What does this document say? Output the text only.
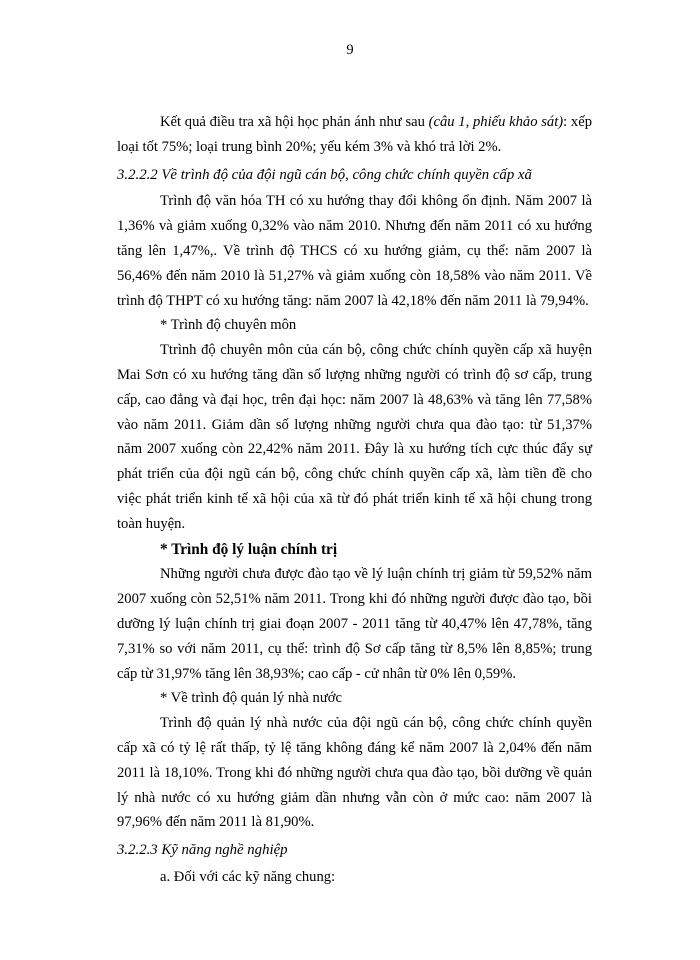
9

Kết quả điều tra xã hội học phản ánh như sau (câu 1, phiếu khảo sát): xếp loại tốt 75%; loại trung bình 20%; yếu kém 3% và khó trả lời 2%.

3.2.2.2 Về trình độ của đội ngũ cán bộ, công chức chính quyền cấp xã

Trình độ văn hóa TH có xu hướng thay đổi không ổn định. Năm 2007 là 1,36% và giảm xuống 0,32% vào năm 2010. Nhưng đến năm 2011 có xu hướng tăng lên 1,47%,. Về trình độ THCS có xu hướng giảm, cụ thể: năm 2007 là 56,46% đến năm 2010 là 51,27% và giảm xuống còn 18,58% vào năm 2011. Về trình độ THPT có xu hướng tăng: năm 2007 là 42,18% đến năm 2011 là 79,94%.

* Trình độ chuyên môn

Ttrình độ chuyên môn của cán bộ, công chức chính quyền cấp xã huyện Mai Sơn có xu hướng tăng dần số lượng những người có trình độ sơ cấp, trung cấp, cao đẳng và đại học, trên đại học: năm 2007 là 48,63% và tăng lên 77,58% vào năm 2011. Giảm dần số lượng những người chưa qua đào tạo: từ 51,37% năm 2007 xuống còn 22,42% năm 2011. Đây là xu hướng tích cực thúc đẩy sự phát triển của đội ngũ cán bộ, công chức chính quyền cấp xã, làm tiền đề cho việc phát triển kinh tế xã hội của xã từ đó phát triển kinh tế xã hội chung trong toàn huyện.

* Trình độ lý luận chính trị

Những người chưa được đào tạo về lý luận chính trị giảm từ 59,52% năm 2007 xuống còn 52,51% năm 2011. Trong khi đó những người được đào tạo, bồi dưỡng lý luận chính trị giai đoạn 2007 - 2011 tăng từ 40,47% lên 47,78%, tăng 7,31% so với năm 2011, cụ thể: trình độ Sơ cấp tăng từ 8,5% lên 8,85%; trung cấp từ 31,97% tăng lên 38,93%; cao cấp - cử nhân từ 0% lên 0,59%.

* Về trình độ quản lý nhà nước

Trình độ quản lý nhà nước của đội ngũ cán bộ, công chức chính quyền cấp xã có tỷ lệ rất thấp, tỷ lệ tăng không đáng kể năm 2007 là 2,04% đến năm 2011 là 18,10%. Trong khi đó những người chưa qua đào tạo, bồi dưỡng về quản lý nhà nước có xu hướng giảm dần nhưng vẫn còn ở mức cao: năm 2007 là 97,96% đến năm 2011 là 81,90%.

3.2.2.3 Kỹ năng nghề nghiệp

a. Đối với các kỹ năng chung:
